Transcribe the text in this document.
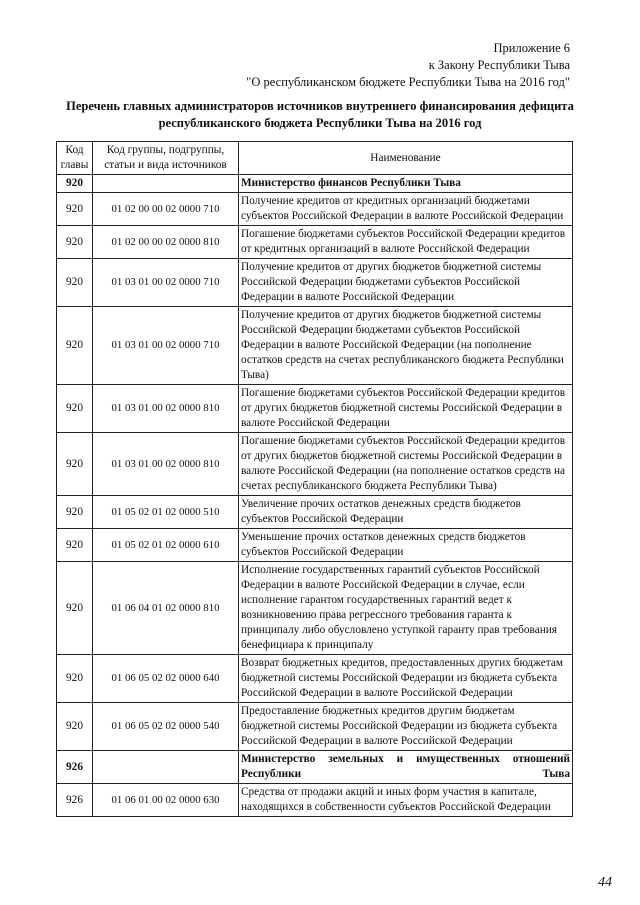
Приложение 6
к Закону Республики Тыва
"О республиканском бюджете Республики Тыва на 2016 год"
Перечень главных администраторов источников внутреннего финансирования дефицита
республиканского бюджета Республики Тыва на 2016 год
Код главы	Код группы, подгруппы, статьи и вида источников	Наименование
920		Министерство финансов Республики Тыва
920	01 02 00 00 02 0000 710	Получение кредитов от кредитных организаций бюджетами субъектов Российской Федерации в валюте Российской Федерации
920	01 02 00 00 02 0000 810	Погашение бюджетами субъектов Российской Федерации кредитов от кредитных организаций в валюте Российской Федерации
920	01 03 01 00 02 0000 710	Получение кредитов от других бюджетов бюджетной системы Российской Федерации бюджетами субъектов Российской Федерации в валюте Российской Федерации
920	01 03 01 00 02 0000 710	Получение кредитов от других бюджетов бюджетной системы Российской Федерации бюджетами субъектов Российской Федерации в валюте Российской Федерации (на пополнение остатков средств на счетах республиканского бюджета Республики Тыва)
920	01 03 01 00 02 0000 810	Погашение бюджетами субъектов Российской Федерации кредитов от других бюджетов бюджетной системы Российской Федерации в валюте Российской Федерации
920	01 03 01 00 02 0000 810	Погашение бюджетами субъектов Российской Федерации кредитов от других бюджетов бюджетной системы Российской Федерации в валюте Российской Федерации (на пополнение остатков средств на счетах республиканского бюджета Республики Тыва)
920	01 05 02 01 02 0000 510	Увеличение прочих остатков денежных средств бюджетов субъектов Российской Федерации
920	01 05 02 01 02 0000 610	Уменьшение прочих остатков денежных средств бюджетов субъектов Российской Федерации
920	01 06 04 01 02 0000 810	Исполнение государственных гарантий субъектов Российской Федерации в валюте Российской Федерации в случае, если исполнение гарантом государственных гарантий ведет к возникновению права регрессного требования гаранта к принципалу либо обусловлено уступкой гаранту прав требования бенефициара к принципалу
920	01 06 05 02 02 0000 640	Возврат бюджетных кредитов, предоставленных других бюджетам бюджетной системы Российской Федерации из бюджета субъекта Российской Федерации в валюте Российской Федерации
920	01 06 05 02 02 0000 540	Предоставление бюджетных кредитов другим бюджетам бюджетной системы Российской Федерации из бюджета субъекта Российской Федерации в валюте Российской Федерации
926		Министерство земельных и имущественных отношений Республики Тыва
926	01 06 01 00 02 0000 630	Средства от продажи акций и иных форм участия в капитале, находящихся в собственности субъектов Российской Федерации
44
